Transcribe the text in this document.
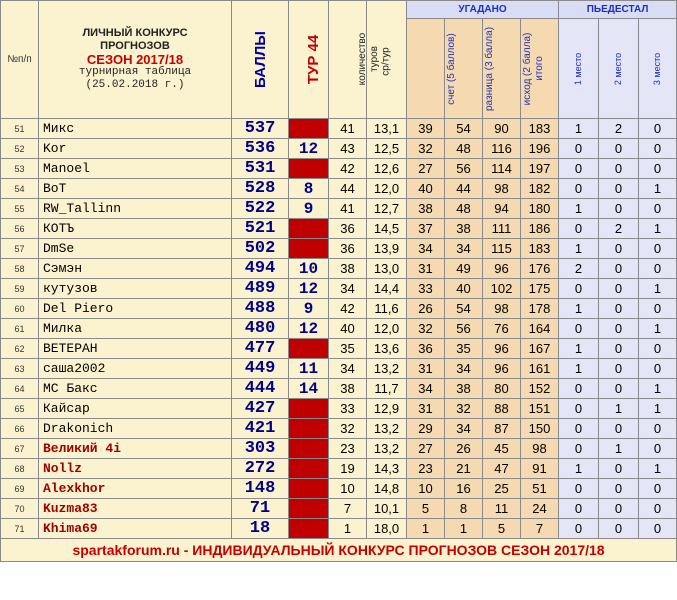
№п/п	ЛИЧНЫЙ КОНКУРС
ПРОГНОЗОВ
СЕЗОН 2017/18
турнирная таблица
(25.02.2018 г.)	БАЛЛЫ	ТУР 44	количество туров	ср/тур	УГАДАНО				ПЬЕДЕСТАЛ		
						счет (5 баллов)	разница (3 балла)	исход (2 балла)	итого	1 место	2 место	3 место
51	Микс	537		41	13,1	39	54	90	183	1	2	0
52	Kor	536	12	43	12,5	32	48	116	196	0	0	0
53	Manoel	531		42	12,6	27	56	114	197	0	0	0
54	BoT	528	8	44	12,0	40	44	98	182	0	0	1
55	RW_Tallinn	522	9	41	12,7	38	48	94	180	1	0	0
56	КОТЪ	521		36	14,5	37	38	111	186	0	2	1
57	DmSe	502		36	13,9	34	34	115	183	1	0	0
58	Сэмэн	494	10	38	13,0	31	49	96	176	2	0	0
59	кутузов	489	12	34	14,4	33	40	102	175	0	0	1
60	Del Piero	488	9	42	11,6	26	54	98	178	1	0	0
61	Милка	480	12	40	12,0	32	56	76	164	0	0	1
62	ВЕТЕРАН	477		35	13,6	36	35	96	167	1	0	0
63	саша2002	449	11	34	13,2	31	34	96	161	1	0	0
64	МС Бакс	444	14	38	11,7	34	38	80	152	0	0	1
65	Кайсар	427		33	12,9	31	32	88	151	0	1	1
66	Drakonich	421		32	13,2	29	34	87	150	0	0	0
67	Великий 4i	303		23	13,2	27	26	45	98	0	1	0
68	Nollz	272		19	14,3	23	21	47	91	1	0	1
69	Alexkhor	148		10	14,8	10	16	25	51	0	0	0
70	Kuzma83	71		7	10,1	5	8	11	24	0	0	0
71	Khima69	18		1	18,0	1	1	5	7	0	0	0
spartakforum.ru - ИНДИВИДУАЛЬНЫЙ КОНКУРС ПРОГНОЗОВ СЕЗОН 2017/18												
